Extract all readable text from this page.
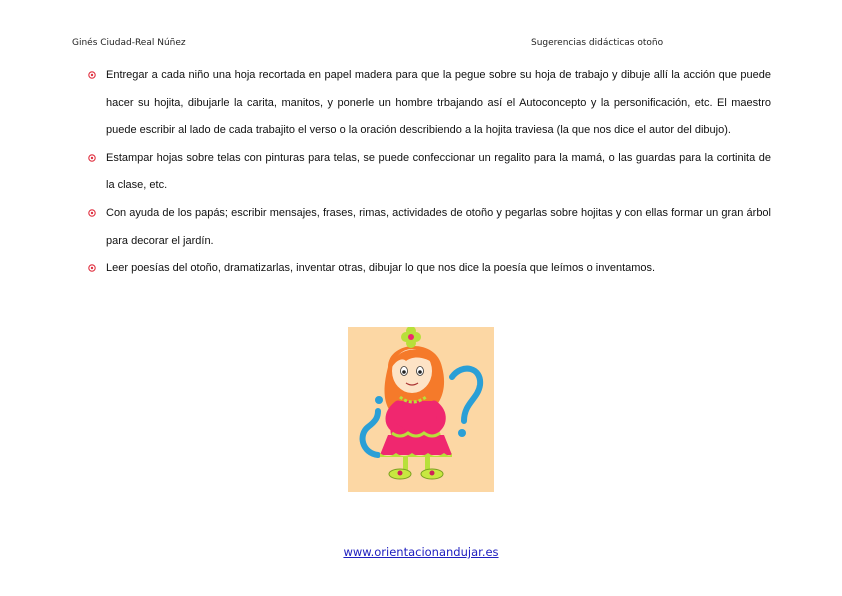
Ginés Ciudad-Real Núñez	Sugerencias didácticas otoño
Entregar a cada niño una hoja recortada en papel madera para que la pegue sobre su hoja de trabajo y dibuje allí la acción que puede hacer su hojita, dibujarle la carita, manitos, y ponerle un hombre trbajando así el Autoconcepto y la personificación, etc. El maestro puede escribir al lado de cada trabajito el verso o la oración describiendo a la hojita traviesa (la que nos dice el autor del dibujo).
Estampar hojas sobre telas con pinturas para telas, se puede confeccionar un regalito para la mamá, o las guardas para la cortinita de la clase, etc.
Con ayuda de los papás; escribir mensajes, frases, rimas, actividades de otoño y pegarlas sobre hojitas y con ellas formar un gran árbol para decorar el jardín.
Leer poesías del otoño, dramatizarlas, inventar otras, dibujar lo que nos dice la poesía que leímos o inventamos.
www.orientacionandujar.es
